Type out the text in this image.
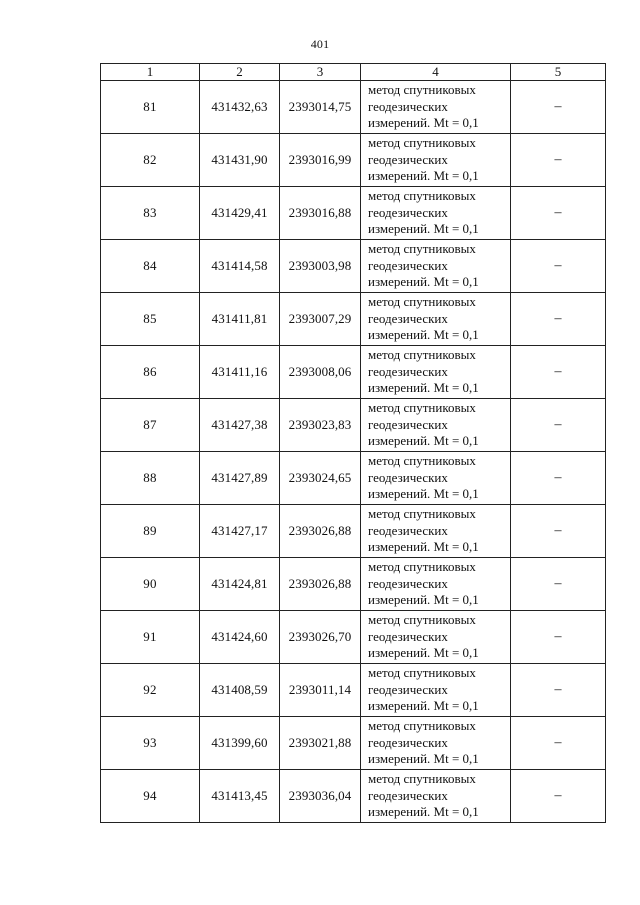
401
1	2	3	4	5
81	431432,63	2393014,75	метод спутниковых
геодезических
измерений. Mt = 0,1	–
82	431431,90	2393016,99	метод спутниковых
геодезических
измерений. Mt = 0,1	–
83	431429,41	2393016,88	метод спутниковых
геодезических
измерений. Mt = 0,1	–
84	431414,58	2393003,98	метод спутниковых
геодезических
измерений. Mt = 0,1	–
85	431411,81	2393007,29	метод спутниковых
геодезических
измерений. Mt = 0,1	–
86	431411,16	2393008,06	метод спутниковых
геодезических
измерений. Mt = 0,1	–
87	431427,38	2393023,83	метод спутниковых
геодезических
измерений. Mt = 0,1	–
88	431427,89	2393024,65	метод спутниковых
геодезических
измерений. Mt = 0,1	–
89	431427,17	2393026,88	метод спутниковых
геодезических
измерений. Mt = 0,1	–
90	431424,81	2393026,88	метод спутниковых
геодезических
измерений. Mt = 0,1	–
91	431424,60	2393026,70	метод спутниковых
геодезических
измерений. Mt = 0,1	–
92	431408,59	2393011,14	метод спутниковых
геодезических
измерений. Mt = 0,1	–
93	431399,60	2393021,88	метод спутниковых
геодезических
измерений. Mt = 0,1	–
94	431413,45	2393036,04	метод спутниковых
геодезических
измерений. Mt = 0,1	–
